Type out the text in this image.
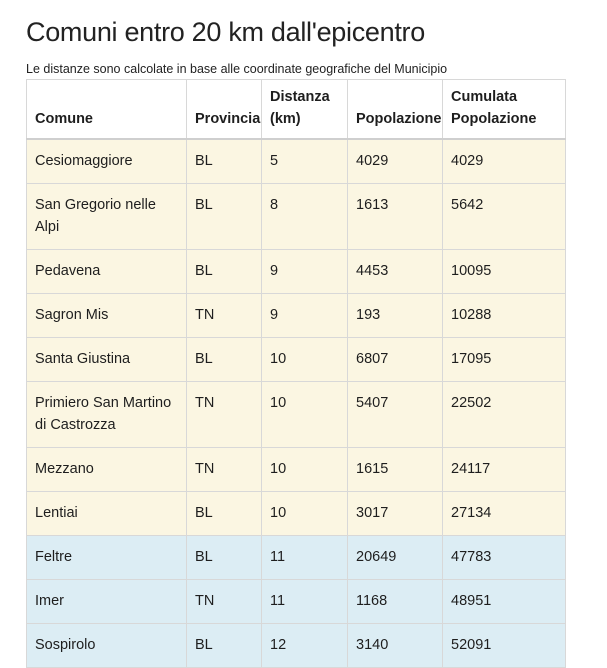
Comuni entro 20 km dall'epicentro
Le distanze sono calcolate in base alle coordinate geografiche del Municipio
Comune	Provincia	Distanza (km)	Popolazione	Cumulata Popolazione
Cesiomaggiore	BL	5	4029	4029
San Gregorio nelle Alpi	BL	8	1613	5642
Pedavena	BL	9	4453	10095
Sagron Mis	TN	9	193	10288
Santa Giustina	BL	10	6807	17095
Primiero San Martino di Castrozza	TN	10	5407	22502
Mezzano	TN	10	1615	24117
Lentiai	BL	10	3017	27134
Feltre	BL	11	20649	47783
Imer	TN	11	1168	48951
Sospirolo	BL	12	3140	52091
